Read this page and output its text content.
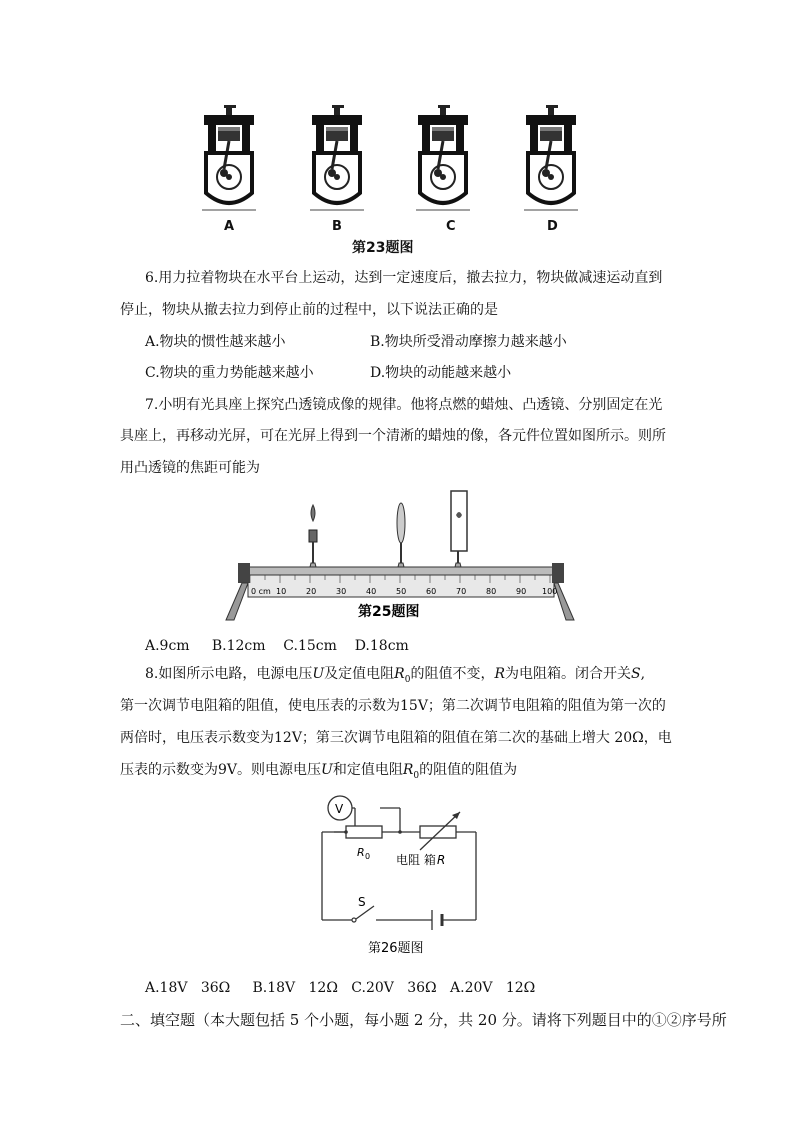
A	B	C	D
第23题图
6.用力拉着物块在水平台上运动，达到一定速度后，撤去拉力，物块做减速运动直到
停止，物块从撤去拉力到停止前的过程中，以下说法正确的是
A.物块的惯性越来越小	B.物块所受滑动摩擦力越来越小
C.物块的重力势能越来越小	D.物块的动能越来越小
7.小明有光具座上探究凸透镜成像的规律。他将点燃的蜡烛、凸透镜、分别固定在光
具座上，再移动光屏，可在光屏上得到一个清淅的蜡烛的像，各元件位置如图所示。则所
用凸透镜的焦距可能为
0 cm 10 20 30 40 50 60 70 80 90 100
第25题图
A.9cm     B.12cm    C.15cm    D.18cm
8.如图所示电路，电源电压U及定值电阻$R_0$的阻值不变，R为电阻箱。闭合开关S,
第一次调节电阻箱的阻值，使电压表的示数为15V；第二次调节电阻箱的阻值为第一次的
两倍时，电压表示数变为12V；第三次调节电阻箱的阻值在第二次的基础上增大 20Ω，电
压表的示数变为9V。则电源电压U和定值电阻$R_0$的阻值的阻值为
V
R 0 电阻 箱 R
S
第26题图
A.18V   36Ω     B.18V   12Ω   C.20V   36Ω   A.20V   12Ω
二、填空题（本大题包括 5 个小题，每小题 2 分，共 20 分。请将下列题目中的①②序号所
